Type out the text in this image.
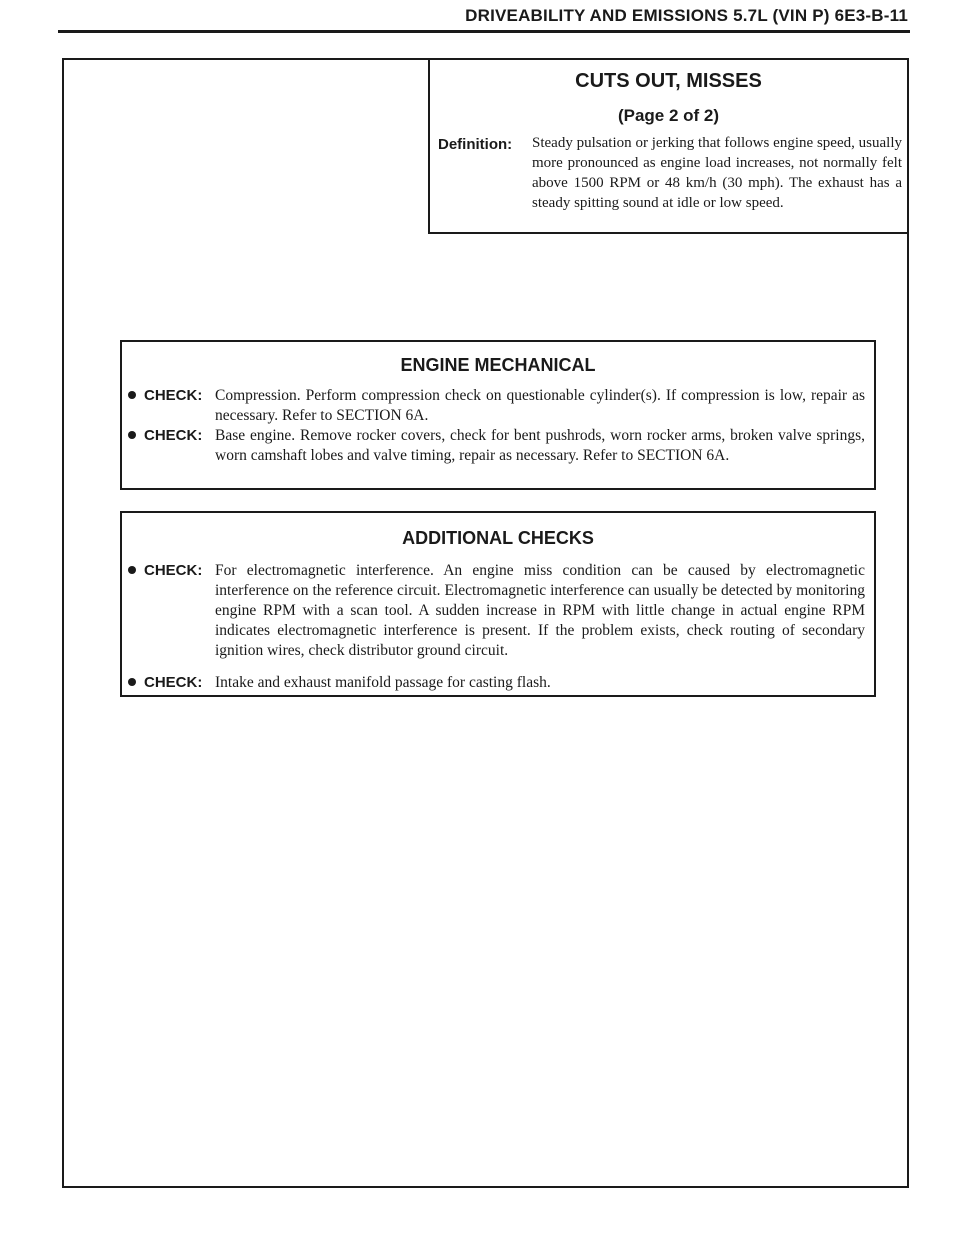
DRIVEABILITY AND EMISSIONS 5.7L (VIN P) 6E3-B-11
CUTS OUT, MISSES
(Page 2 of 2)
Definition: Steady pulsation or jerking that follows engine speed, usually more pronounced as engine load increases, not normally felt above 1500 RPM or 48 km/h (30 mph). The exhaust has a steady spitting sound at idle or low speed.
ENGINE MECHANICAL
CHECK: Compression. Perform compression check on questionable cylinder(s). If compression is low, repair as necessary. Refer to SECTION 6A.
CHECK: Base engine. Remove rocker covers, check for bent pushrods, worn rocker arms, broken valve springs, worn camshaft lobes and valve timing, repair as necessary. Refer to SECTION 6A.
ADDITIONAL CHECKS
CHECK: For electromagnetic interference. An engine miss condition can be caused by electromagnetic interference on the reference circuit. Electromagnetic interference can usually be detected by monitoring engine RPM with a scan tool. A sudden increase in RPM with little change in actual engine RPM indicates electromagnetic interference is present. If the problem exists, check routing of secondary ignition wires, check distributor ground circuit.
CHECK: Intake and exhaust manifold passage for casting flash.
